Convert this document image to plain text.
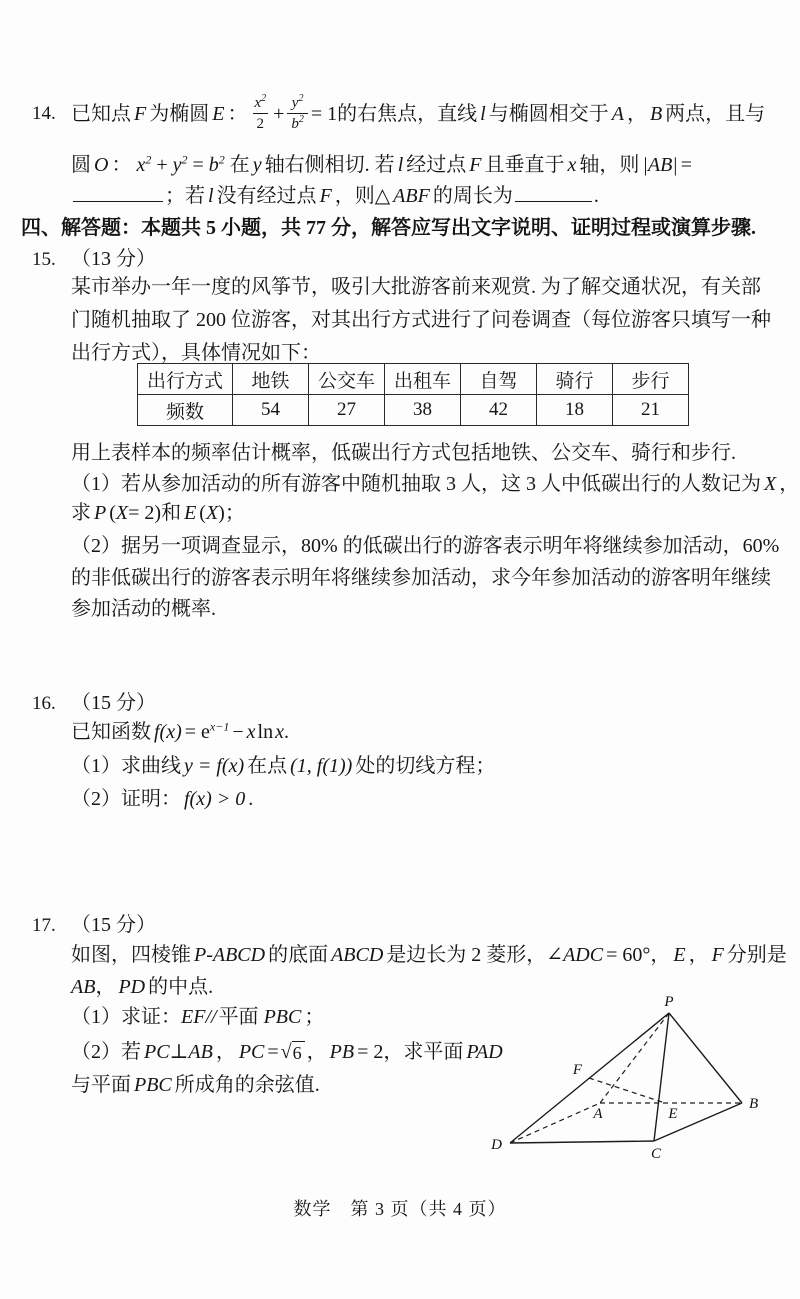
14. 已知点 F 为椭圆 E ： $\frac{x^2}{2} + \frac{y^2}{b^2} = 1$ 的右焦点，直线 l 与椭圆相交于 A ， B 两点，且与
圆 O ： $x^2 + y^2 = b^2$ 在 y 轴右侧相切. 若 l 经过点 F 且垂直于 x 轴，则 |AB| =
；若 l 没有经过点 F ，则△ ABF 的周长为	.
四、解答题：本题共 5 小题，共 77 分，解答应写出文字说明、证明过程或演算步骤.
15. （13 分）
某市举办一年一度的风筝节，吸引大批游客前来观赏. 为了解交通状况，有关部
门随机抽取了 200 位游客，对其出行方式进行了问卷调查（每位游客只填写一种
出行方式），具体情况如下：
出行方式	地铁	公交车	出租车	自驾	骑行	步行
频数	54	27	38	42	18	21
用上表样本的频率估计概率，低碳出行方式包括地铁、公交车、骑行和步行.
（1）若从参加活动的所有游客中随机抽取 3 人，这 3 人中低碳出行的人数记为 X ，
求 P (X= 2)和 E (X)；
（2）据另一项调查显示，80% 的低碳出行的游客表示明年将继续参加活动，60%
的非低碳出行的游客表示明年将继续参加活动，求今年参加活动的游客明年继续
参加活动的概率.
16. （15 分）
已知函数 $f(x) = e^{x-1} - x$ ln x.
（1）求曲线 y = f(x) 在点 (1, f(1)) 处的切线方程；
（2）证明： f(x) > 0 .
17. （15 分）
如图，四棱锥 P-ABCD 的底面 ABCD 是边长为 2 菱形，∠ADC = 60°， E ， F 分别是
AB， PD 的中点.
（1）求证：EF// 平面 PBC ；
（2）若 PC⊥AB ， PC = √ 6 ， PB = 2，求平面 PAD
与平面 PBC 所成角的余弦值.
P
D
C
B
A	E
F
数学　第 3 页（共 4 页）
